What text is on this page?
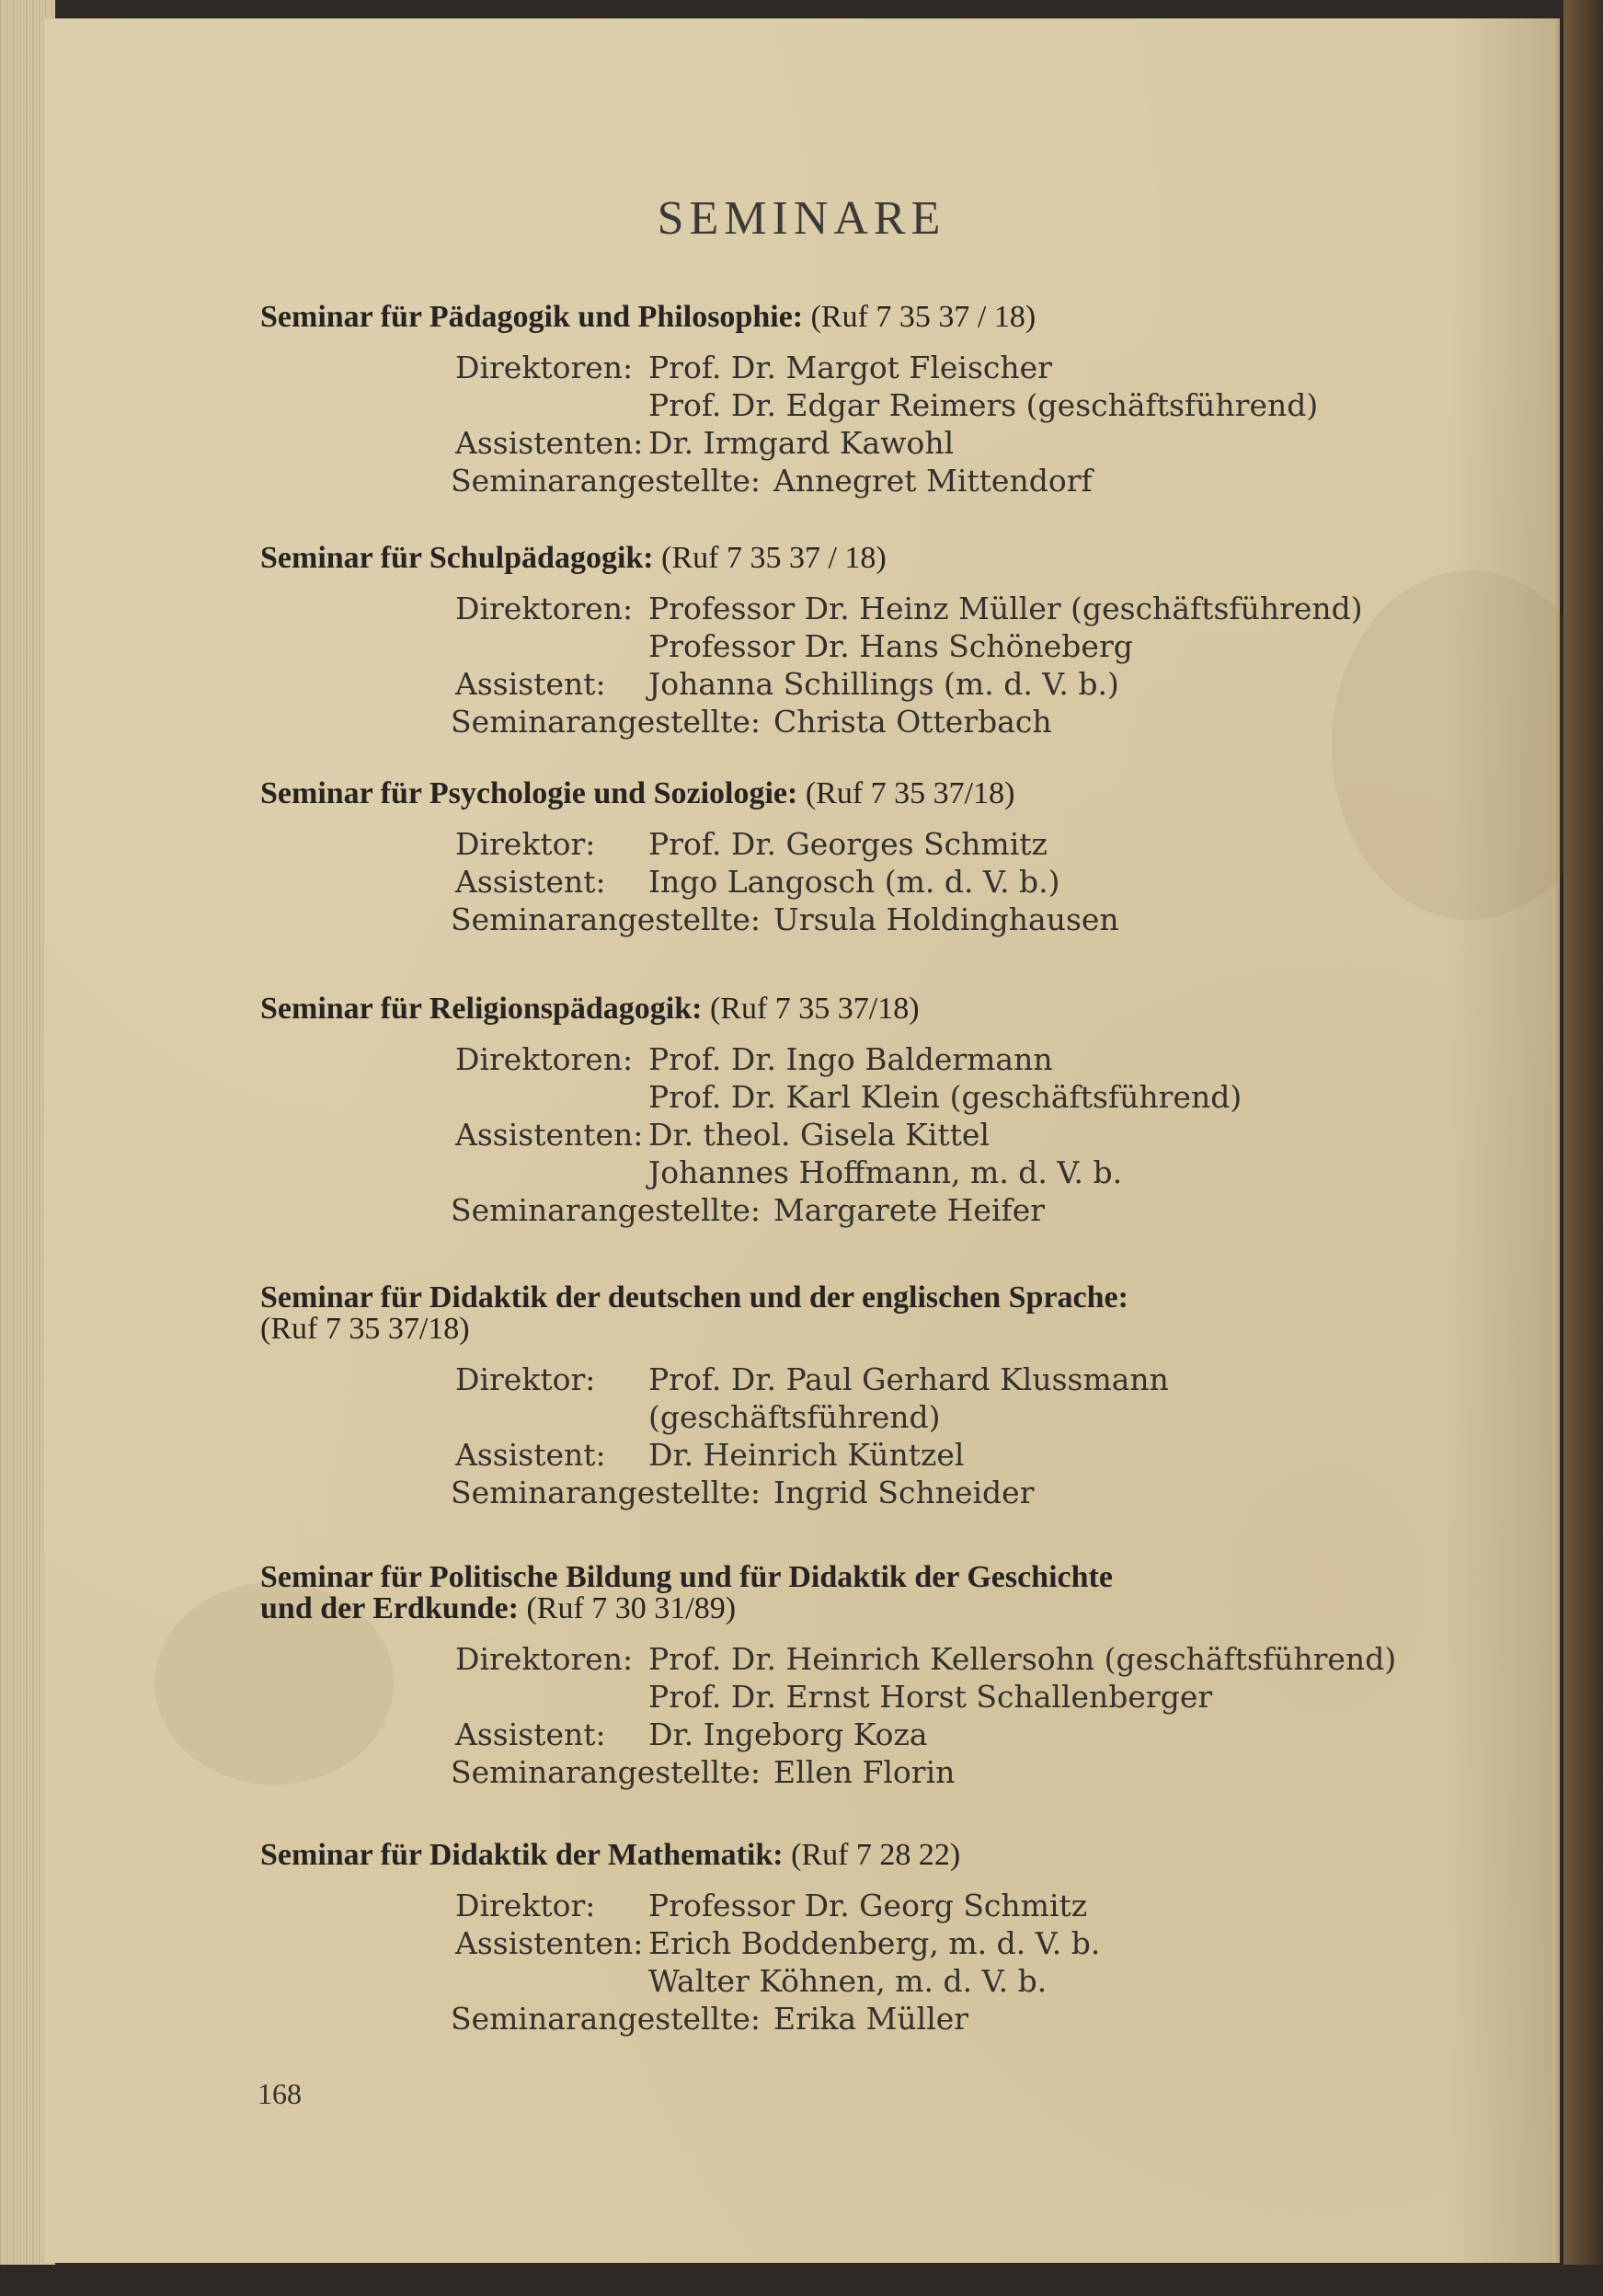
SEMINARE

Seminar für Pädagogik und Philosophie: (Ruf 7 35 37 / 18)

Direktoren: Prof. Dr. Margot Fleischer
Prof. Dr. Edgar Reimers (geschäftsführend)
Assistenten: Dr. Irmgard Kawohl
Seminarangestellte: Annegret Mittendorf

Seminar für Schulpädagogik: (Ruf 7 35 37 / 18)

Direktoren: Professor Dr. Heinz Müller (geschäftsführend)
Professor Dr. Hans Schöneberg
Assistent:	Johanna Schillings (m. d. V. b.)
Seminarangestellte: Christa Otterbach

Seminar für Psychologie und Soziologie: (Ruf 7 35 37/18)

Direktor:	Prof. Dr. Georges Schmitz
Assistent:	Ingo Langosch (m. d. V. b.)
Seminarangestellte: Ursula Holdinghausen

Seminar für Religionspädagogik: (Ruf 7 35 37/18)

Direktoren: Prof. Dr. Ingo Baldermann
Prof. Dr. Karl Klein (geschäftsführend)
Assistenten: Dr. theol. Gisela Kittel
Johannes Hoffmann, m. d. V. b.
Seminarangestellte: Margarete Heifer

Seminar für Didaktik der deutschen und der englischen Sprache:
(Ruf 7 35 37/18)

Direktor:	Prof. Dr. Paul Gerhard Klussmann
(geschäftsführend)
Assistent:	Dr. Heinrich Küntzel
Seminarangestellte: Ingrid Schneider

Seminar für Politische Bildung und für Didaktik der Geschichte
und der Erdkunde: (Ruf 7 30 31/89)

Direktoren: Prof. Dr. Heinrich Kellersohn (geschäftsführend)
Prof. Dr. Ernst Horst Schallenberger
Assistent:	Dr. Ingeborg Koza
Seminarangestellte: Ellen Florin

Seminar für Didaktik der Mathematik: (Ruf 7 28 22)

Direktor:	Professor Dr. Georg Schmitz
Assistenten: Erich Boddenberg, m. d. V. b.
Walter Köhnen, m. d. V. b.
Seminarangestellte: Erika Müller
168
